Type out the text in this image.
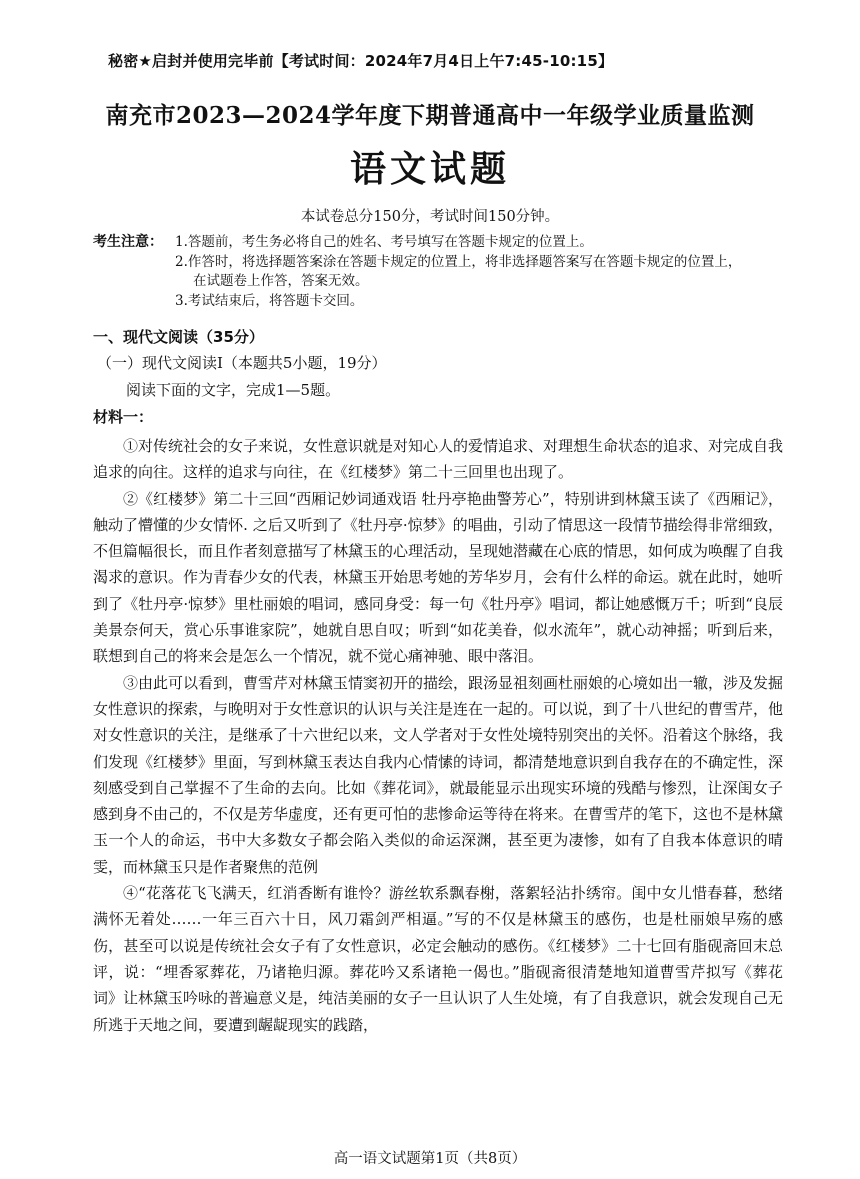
秘密★启封并使用完毕前【考试时间：2024年7月4日上午7:45-10:15】
南充市2023—2024学年度下期普通高中一年级学业质量监测
语文试题
本试卷总分150分，考试时间150分钟。
考生注意： 1.答题前，考生务必将自己的姓名、考号填写在答题卡规定的位置上。

2.作答时，将选择题答案涂在答题卡规定的位置上，将非选择题答案写在答题卡规定的位置上，

在试题卷上作答，答案无效。

3.考试结束后，将答题卡交回。

一、现代文阅读（35分）
（一）现代文阅读I（本题共5小题，19分）
阅读下面的文字，完成1—5题。
材料一：

①对传统社会的女子来说，女性意识就是对知心人的爱情追求、对理想生命状态的追求、对完成自我追求的向往。这样的追求与向往，在《红楼梦》第二十三回里也出现了。

②《红楼梦》第二十三回“西厢记妙词通戏语 牡丹亭艳曲警芳心”，特别讲到林黛玉读了《西厢记》，触动了懵懂的少女情怀. 之后又听到了《牡丹亭·惊梦》的唱曲，引动了情思这一段情节描绘得非常细致，不但篇幅很长，而且作者刻意描写了林黛玉的心理活动，呈现她潜藏在心底的情思，如何成为唤醒了自我渴求的意识。作为青春少女的代表，林黛玉开始思考她的芳华岁月，会有什么样的命运。就在此时，她听到了《牡丹亭·惊梦》里杜丽娘的唱词，感同身受：每一句《牡丹亭》唱词，都让她感慨万千；听到“良辰美景奈何天，赏心乐事谁家院”，她就自思自叹；听到“如花美眷，似水流年”，就心动神摇；听到后来，联想到自己的将来会是怎么一个情况，就不觉心痛神驰、眼中落泪。

③由此可以看到，曹雪芹对林黛玉情窦初开的描绘，跟汤显祖刻画杜丽娘的心境如出一辙，涉及发掘女性意识的探索，与晚明对于女性意识的认识与关注是连在一起的。可以说，到了十八世纪的曹雪芹，他对女性意识的关注，是继承了十六世纪以来，文人学者对于女性处境特别突出的关怀。沿着这个脉络，我们发现《红楼梦》里面，写到林黛玉表达自我内心情愫的诗词，都清楚地意识到自我存在的不确定性，深刻感受到自己掌握不了生命的去向。比如《葬花词》，就最能显示出现实环境的残酷与惨烈，让深闺女子感到身不由己的，不仅是芳华虚度，还有更可怕的悲惨命运等待在将来。在曹雪芹的笔下，这也不是林黛玉一个人的命运，书中大多数女子都会陷入类似的命运深渊，甚至更为凄惨，如有了自我本体意识的晴雯，而林黛玉只是作者聚焦的范例

④“花落花飞飞满天，红消香断有谁怜？游丝软系飘春榭，落絮轻沾扑绣帘。闺中女儿惜春暮，愁绪满怀无着处……一年三百六十日，风刀霜剑严相逼。”写的不仅是林黛玉的感伤，也是杜丽娘早殇的感伤，甚至可以说是传统社会女子有了女性意识，必定会触动的感伤。《红楼梦》二十七回有脂砚斋回末总评，说：“埋香冢葬花，乃诸艳归源。葬花吟又系诸艳一偈也。”脂砚斋很清楚地知道曹雪芹拟写《葬花词》让林黛玉吟咏的普遍意义是，纯洁美丽的女子一旦认识了人生处境，有了自我意识，就会发现自己无所逃于天地之间，要遭到龌龊现实的践踏，

高一语文试题第1页（共8页）
